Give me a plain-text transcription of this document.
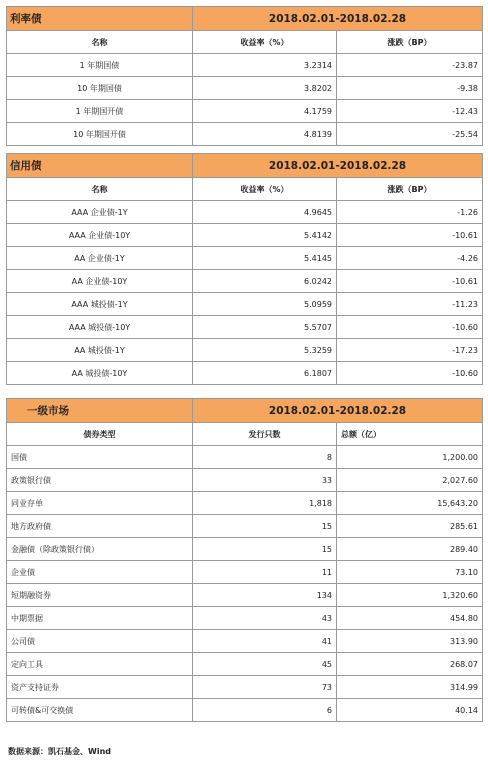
利率债	2018.02.01-2018.02.28	
名称	收益率（%）	涨跌（BP）
1 年期国债	3.2314	-23.87
10 年期国债	3.8202	-9.38
1 年期国开债	4.1759	-12.43
10 年期国开债	4.8139	-25.54
信用债	2018.02.01-2018.02.28	
名称	收益率（%）	涨跌（BP）
AAA 企业债-1Y	4.9645	-1.26
AAA 企业债-10Y	5.4142	-10.61
AA 企业债-1Y	5.4145	-4.26
AA 企业债-10Y	6.0242	-10.61
AAA 城投债-1Y	5.0959	-11.23
AAA 城投债-10Y	5.5707	-10.60
AA 城投债-1Y	5.3259	-17.23
AA 城投债-10Y	6.1807	-10.60
一级市场	2018.02.01-2018.02.28	
债券类型	发行只数	总额（亿）
国债	8	1,200.00
政策银行债	33	2,027.60
同业存单	1,818	15,643.20
地方政府债	15	285.61
金融债（除政策银行债）	15	289.40
企业债	11	73.10
短期融资券	134	1,320.60
中期票据	43	454.80
公司债	41	313.90
定向工具	45	268.07
资产支持证券	73	314.99
可转债&可交换债	6	40.14
数据来源：凯石基金、Wind
